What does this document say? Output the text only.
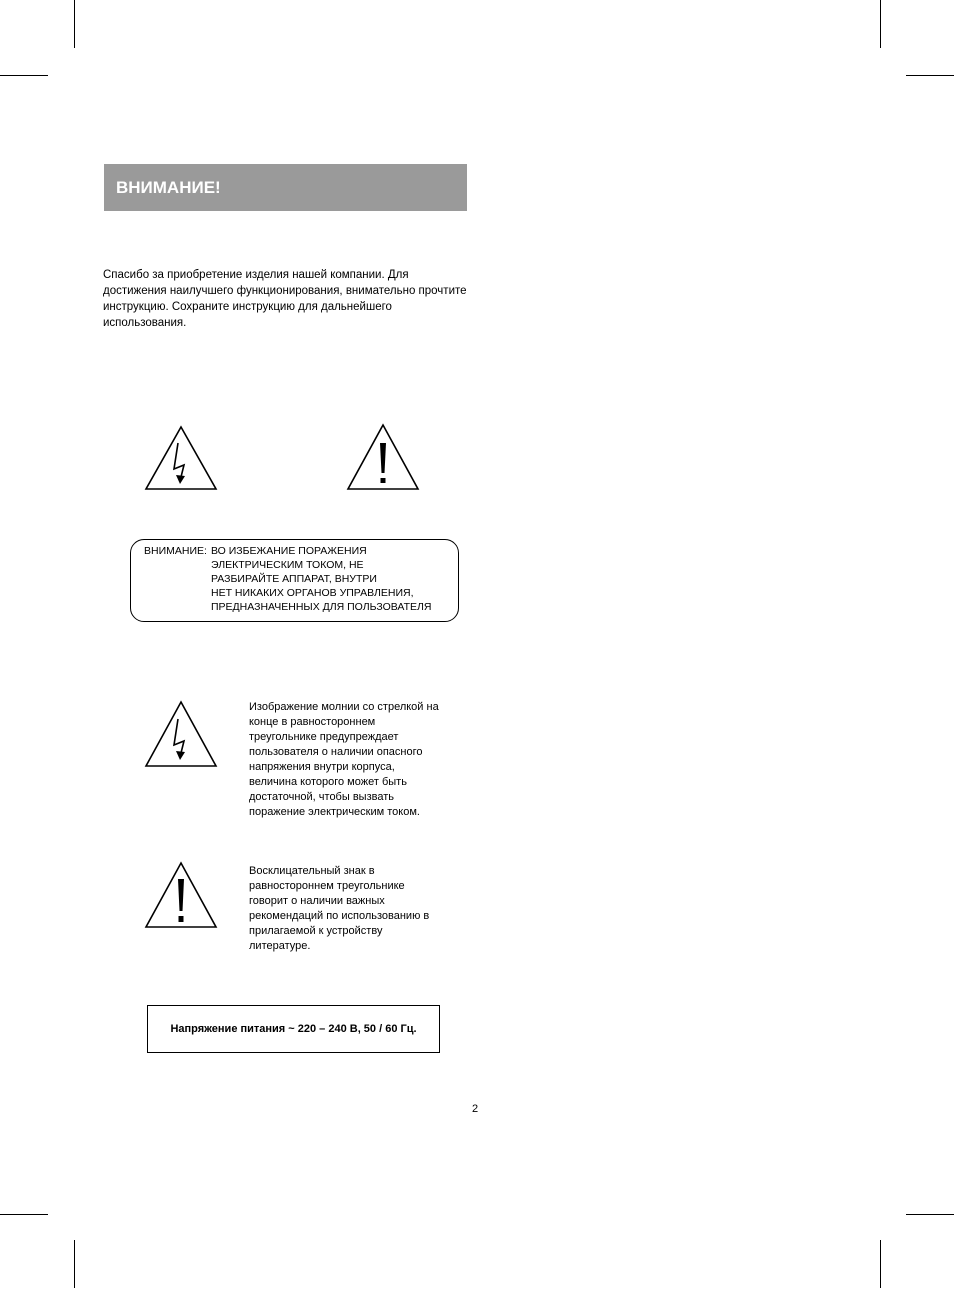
ВНИМАНИЕ!
Спасибо за приобретение изделия нашей компании. Для достижения наилучшего функционирования, внимательно прочтите инструкцию. Сохраните инструкцию для дальнейшего использования.
ВНИМАНИЕ: ВО ИЗБЕЖАНИЕ ПОРАЖЕНИЯ
ЭЛЕКТРИЧЕСКИМ ТОКОМ, НЕ
РАЗБИРАЙТЕ АППАРАТ, ВНУТРИ
НЕТ НИКАКИХ ОРГАНОВ УПРАВЛЕНИЯ,
ПРЕДНАЗНАЧЕННЫХ ДЛЯ ПОЛЬЗОВАТЕЛЯ
Изображение молнии со стрелкой на
конце в равностороннем
треугольнике предупреждает
пользователя о наличии опасного
напряжения внутри корпуса,
величина которого может быть
достаточной, чтобы вызвать
поражение электрическим током.
Восклицательный знак в
равностороннем треугольнике
говорит о наличии важных
рекомендаций по использованию в
прилагаемой к устройству
литературе.
Напряжение питания ~ 220 – 240 В, 50 / 60 Гц.
2
